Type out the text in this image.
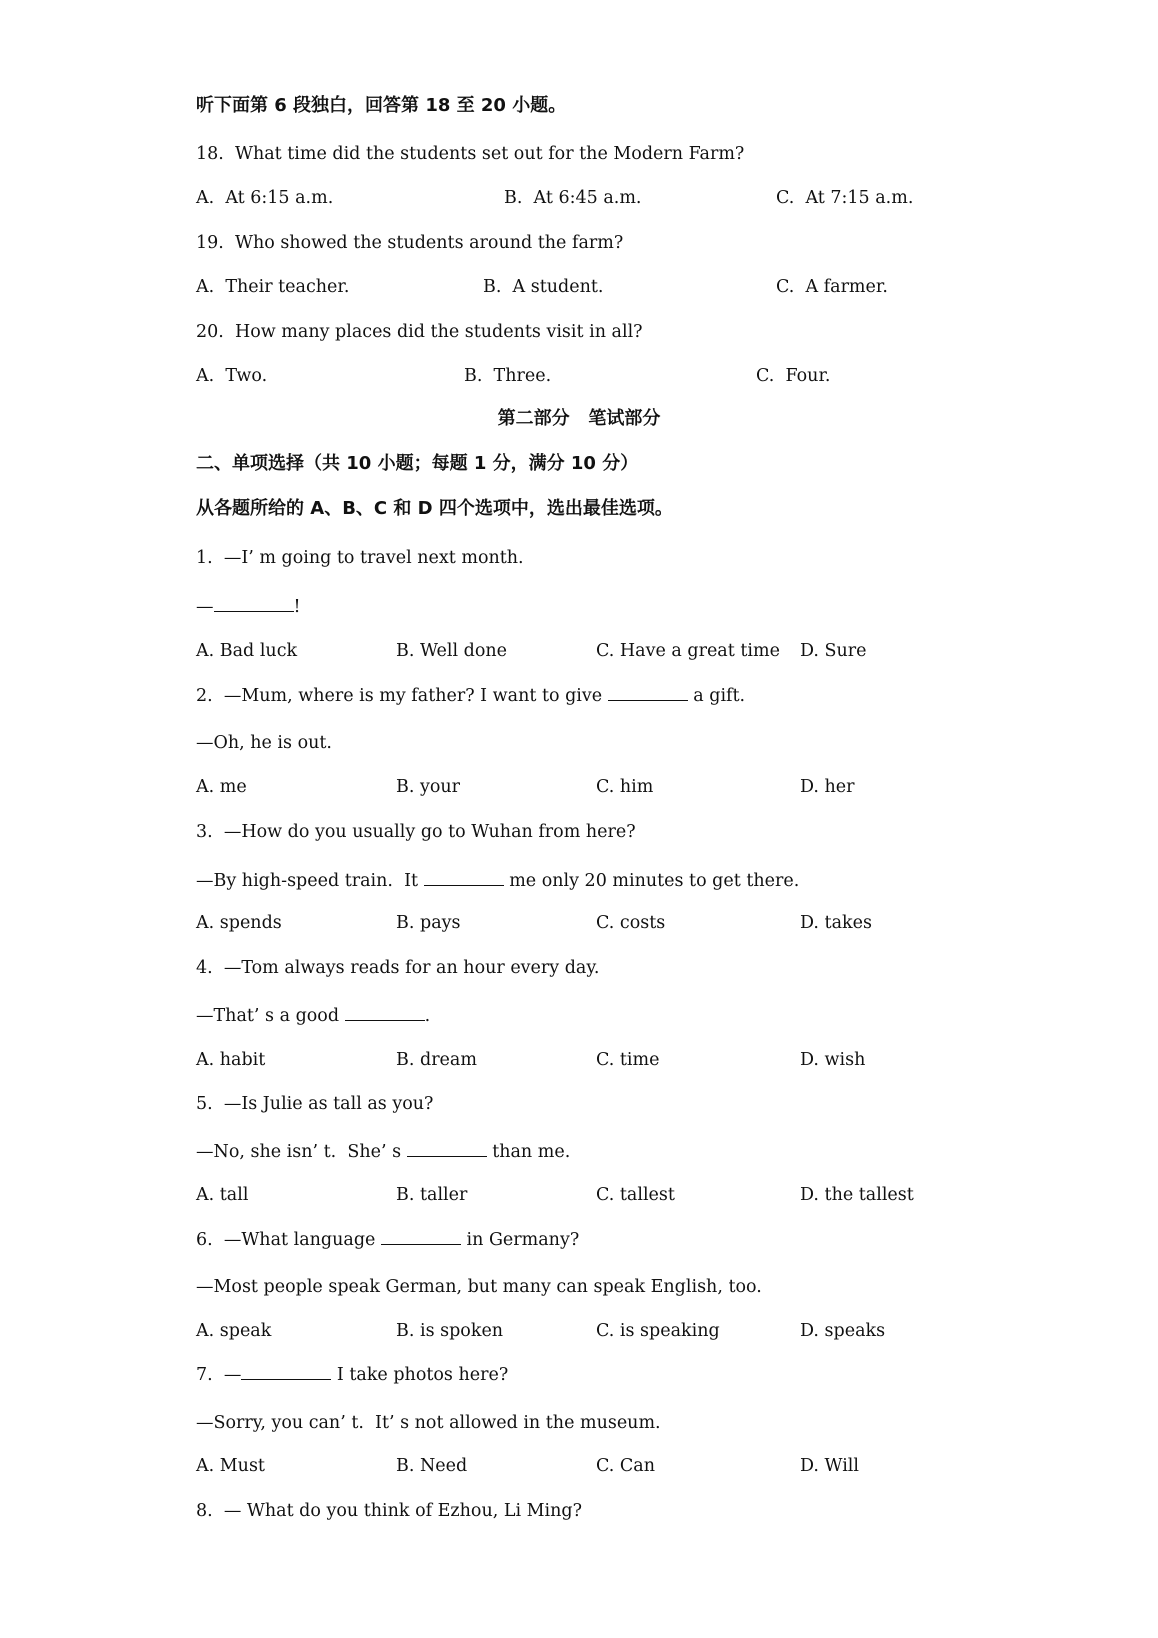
听下面第 6 段独白，回答第 18 至 20 小题。
18.  What time did the students set out for the Modern Farm?
A.  At 6:15 a.m.	B.  At 6:45 a.m.	C.  At 7:15 a.m.
19.  Who showed the students around the farm?
A.  Their teacher.	B.  A student.	C.  A farmer.
20.  How many places did the students visit in all?
A.  Two.	B.  Three.	C.  Four.
第二部分   笔试部分
二、单项选择（共 10 小题；每题 1 分，满分 10 分）
从各题所给的 A、B、C 和 D 四个选项中，选出最佳选项。
1.  —I’ m going to travel next month.
—	!
A. Bad luck	B. Well done	C. Have a great time D. Sure
2.  —Mum, where is my father? I want to give	a gift.
—Oh, he is out.
A. me	B. your	C. him	D. her
3.  —How do you usually go to Wuhan from here?
—By high-speed train.  It	me only 20 minutes to get there.
A. spends	B. pays	C. costs	D. takes
4.  —Tom always reads for an hour every day.
—That’ s a good	.
A. habit	B. dream	C. time	D. wish
5.  —Is Julie as tall as you?
—No, she isn’ t.  She’ s	than me.
A. tall	B. taller	C. tallest	D. the tallest
6.  —What language	in Germany?
—Most people speak German, but many can speak English, too.
A. speak	B. is spoken	C. is speaking	D. speaks
7.  —	I take photos here?
—Sorry, you can’ t.  It’ s not allowed in the museum.
A. Must	B. Need	C. Can	D. Will
8.  — What do you think of Ezhou, Li Ming?
